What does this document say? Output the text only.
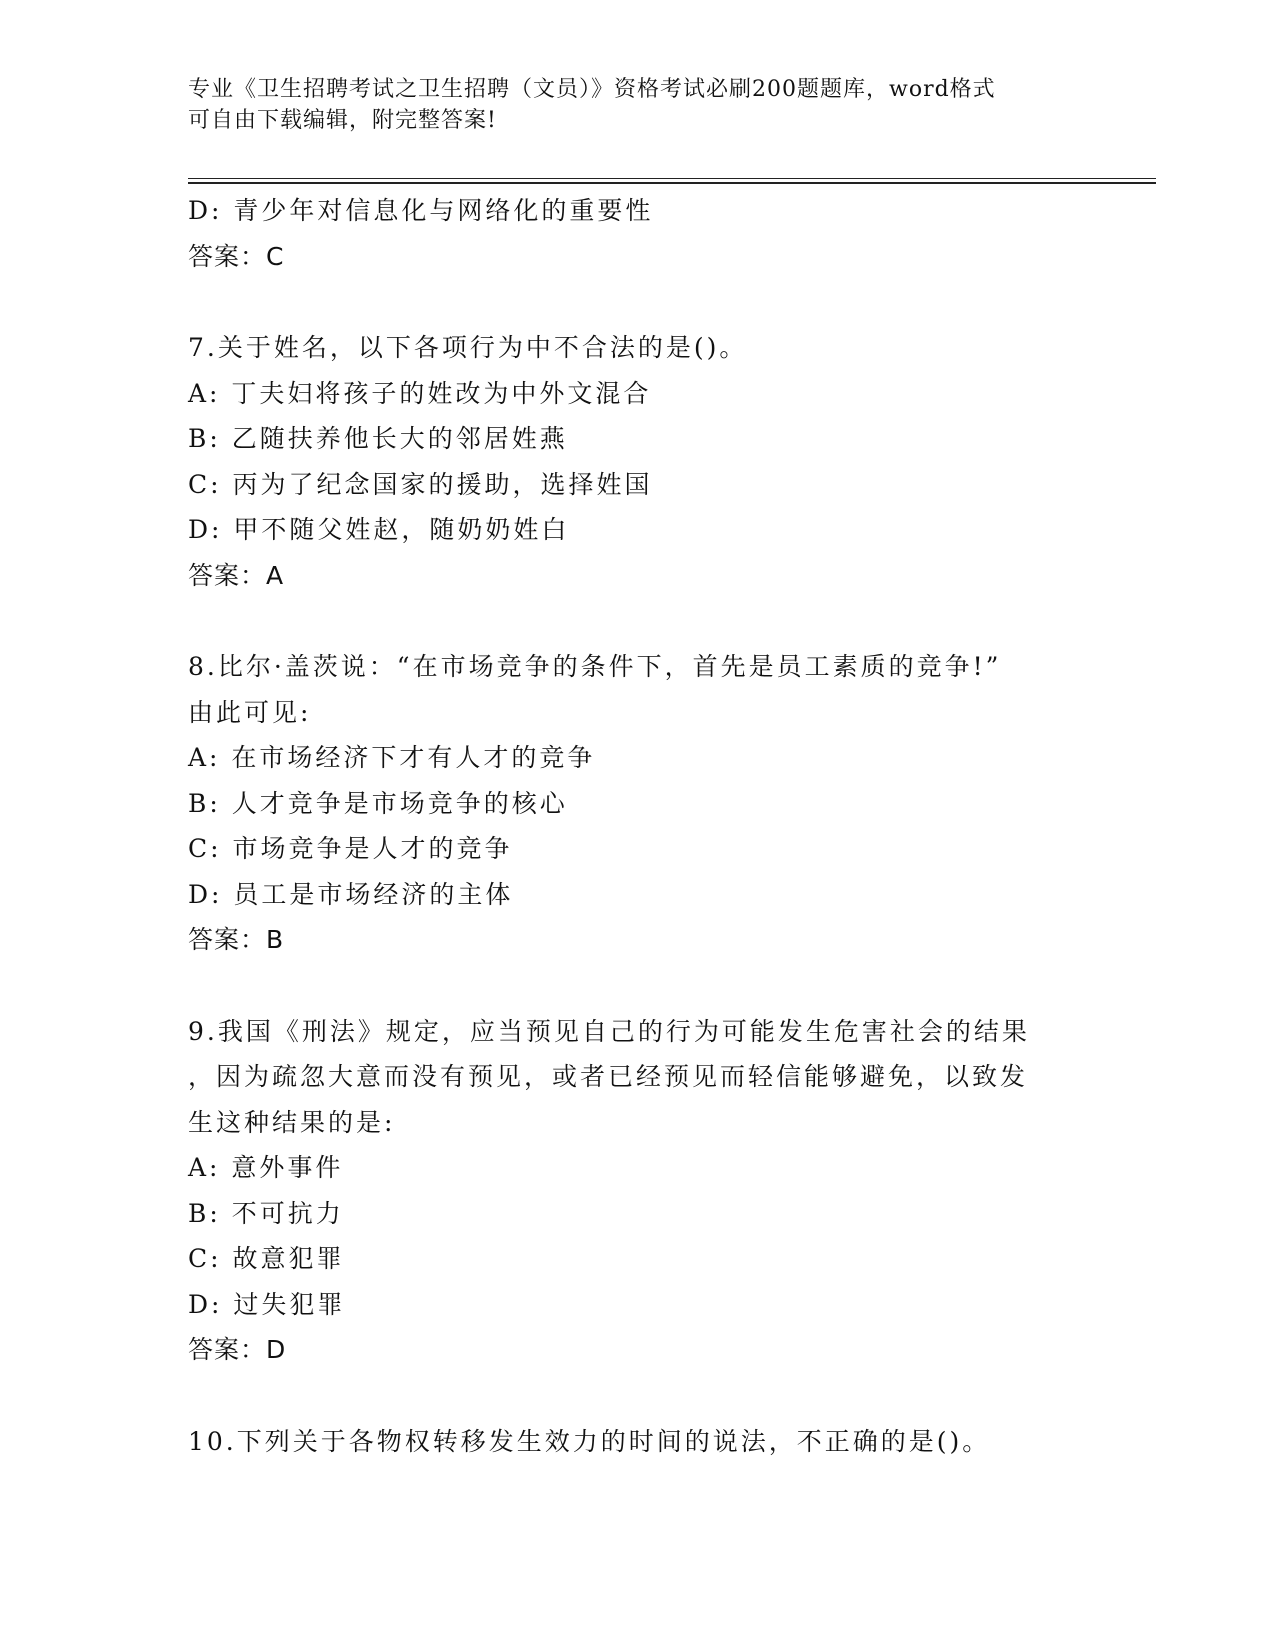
专业《卫生招聘考试之卫生招聘（文员）》资格考试必刷200题题库，word格式
可自由下载编辑，附完整答案!
D: 青少年对信息化与网络化的重要性
答案：C
7.关于姓名，以下各项行为中不合法的是()。
A: 丁夫妇将孩子的姓改为中外文混合
B: 乙随扶养他长大的邻居姓燕
C: 丙为了纪念国家的援助，选择姓国
D: 甲不随父姓赵，随奶奶姓白
答案：A
8.比尔·盖茨说：“在市场竞争的条件下，首先是员工素质的竞争!”
由此可见:
A: 在市场经济下才有人才的竞争
B: 人才竞争是市场竞争的核心
C: 市场竞争是人才的竞争
D: 员工是市场经济的主体
答案：B
9.我国《刑法》规定，应当预见自己的行为可能发生危害社会的结果
，因为疏忽大意而没有预见，或者已经预见而轻信能够避免，以致发
生这种结果的是:
A: 意外事件
B: 不可抗力
C: 故意犯罪
D: 过失犯罪
答案：D
10.下列关于各物权转移发生效力的时间的说法，不正确的是()。
